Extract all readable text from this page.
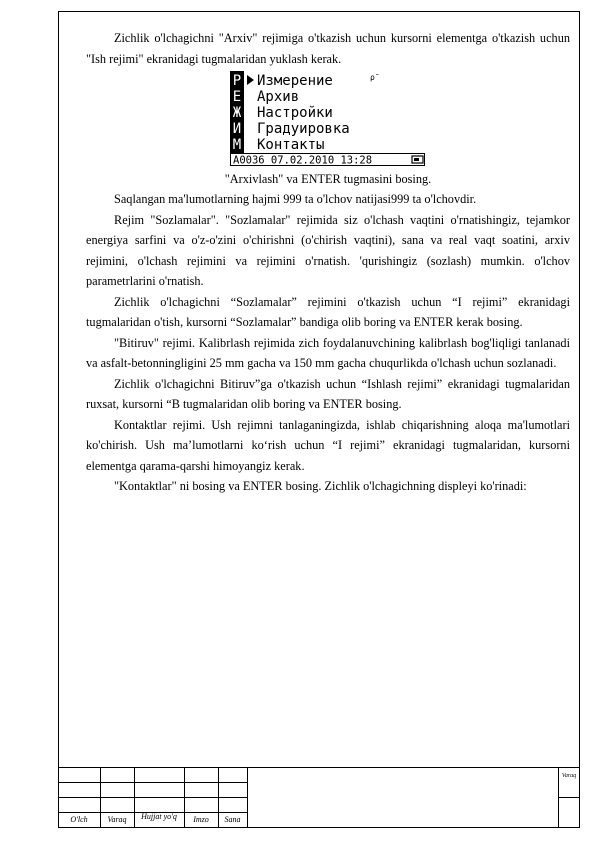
Zichlik o'lchagichni "Arxiv" rejimiga o'tkazish uchun kursorni elementga o'tkazish uchun "Ish rejimi" ekranidagi tugmalaridan yuklash kerak.

Р
Е
Ж
И
М
Измерение	ρ̄
Архив
Настройки
Градуировка
Контакты
А0036 07.02.2010 13:28

"Arxivlash" va ENTER tugmasini bosing.

Saqlangan ma'lumotlarning hajmi 999 ta o'lchov natijasi999 ta o'lchovdir.

Rejim "Sozlamalar". "Sozlamalar" rejimida siz o'lchash vaqtini o'rnatishingiz, tejamkor energiya sarfini va o'z-o'zini o'chirishni (o'chirish vaqtini), sana va real vaqt soatini, arxiv rejimini, o'lchash rejimini va rejimini o'rnatish. 'qurishingiz (sozlash) mumkin. o'lchov parametrlarini o'rnatish.

Zichlik o'lchagichni “Sozlamalar” rejimini o'tkazish uchun “I rejimi” ekranidagi tugmalaridan o'tish, kursorni “Sozlamalar” bandiga olib boring va ENTER kerak bosing.

"Bitiruv" rejimi. Kalibrlash rejimida zich foydalanuvchining kalibrlash bog'liqligi tanlanadi va asfalt-betonningligini 25 mm gacha va 150 mm gacha chuqurlikda o'lchash uchun sozlanadi.

Zichlik o'lchagichni Bitiruv”ga o'tkazish uchun “Ishlash rejimi” ekranidagi tugmalaridan ruxsat, kursorni “B tugmalaridan olib boring va ENTER bosing.

Kontaktlar rejimi. Ush rejimni tanlaganingizda, ishlab chiqarishning aloqa ma'lumotlari ko'chirish. Ush ma’lumotlarni ko‘rish uchun “I rejimi” ekranidagi tugmalaridan, kursorni elementga qarama-qarshi himoyangiz kerak.

"Kontaktlar" ni bosing va ENTER bosing. Zichlik o'lchagichning displeyi ko'rinadi:

O'lch	Varaq	Hujjat yo'q	Imzo	Sana
Varaq
